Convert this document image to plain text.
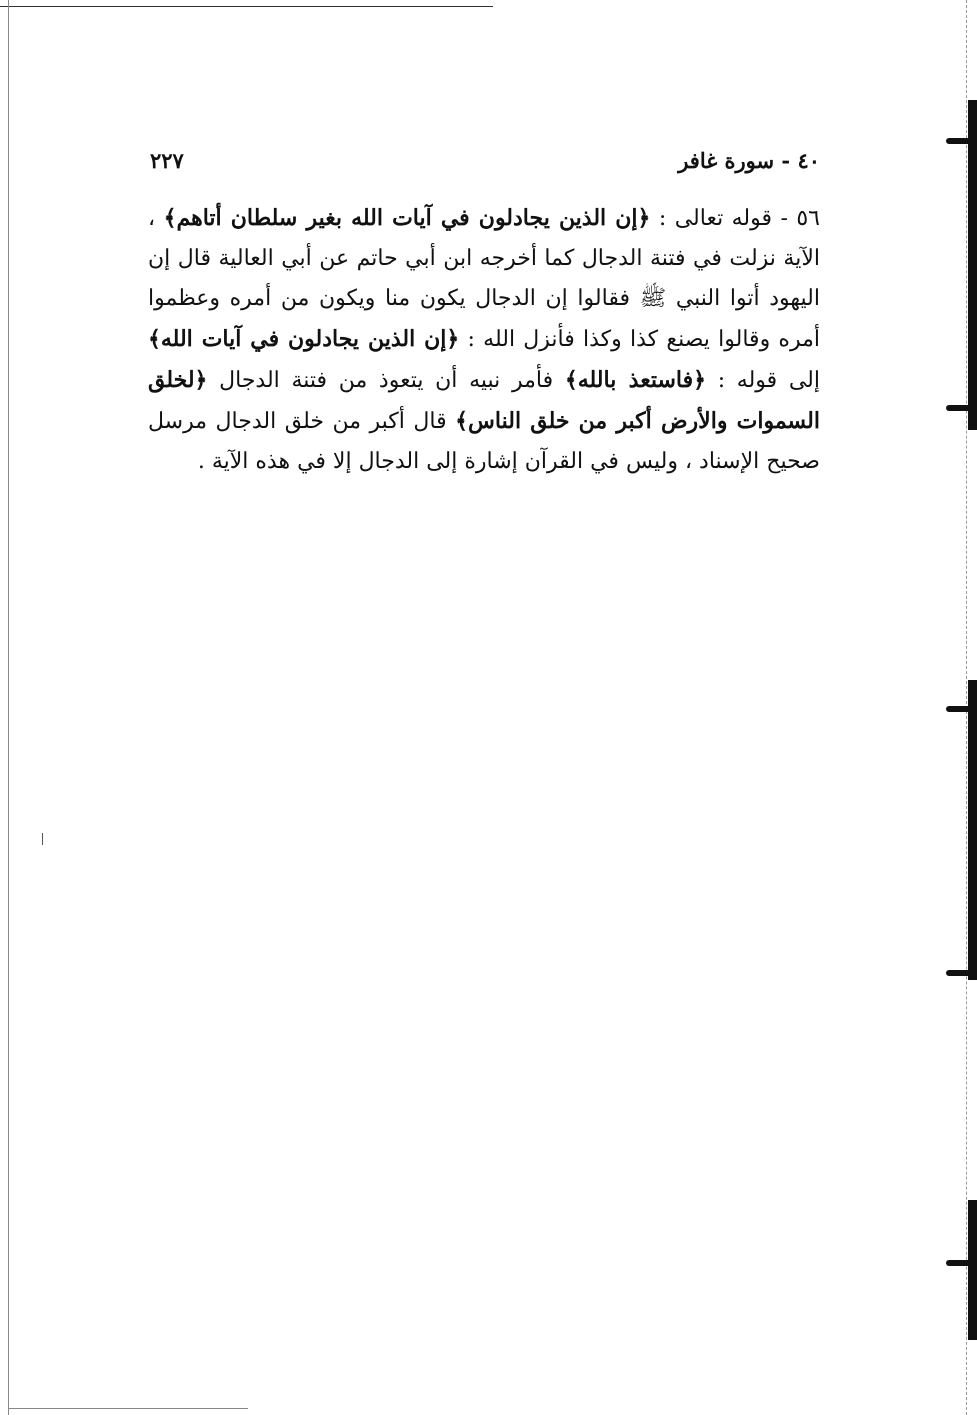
٤٠ - سورة غافر
٢٢٧
٥٦ - قوله تعالى : ﴿إن الذين يجادلون في آيات الله بغير سلطان أتاهم﴾ ، الآية نزلت في فتنة الدجال كما أخرجه ابن أبي حاتم عن أبي العالية قال إن اليهود أتوا النبي ﷺ فقالوا إن الدجال يكون منا ويكون من أمره وعظموا أمره وقالوا يصنع كذا وكذا فأنزل الله : ﴿إن الذين يجادلون في آيات الله﴾ إلى قوله : ﴿فاستعذ بالله﴾ فأمر نبيه أن يتعوذ من فتنة الدجال ﴿لخلق السموات والأرض أكبر من خلق الناس﴾ قال أكبر من خلق الدجال مرسل صحيح الإسناد ، وليس في القرآن إشارة إلى الدجال إلا في هذه الآية .
